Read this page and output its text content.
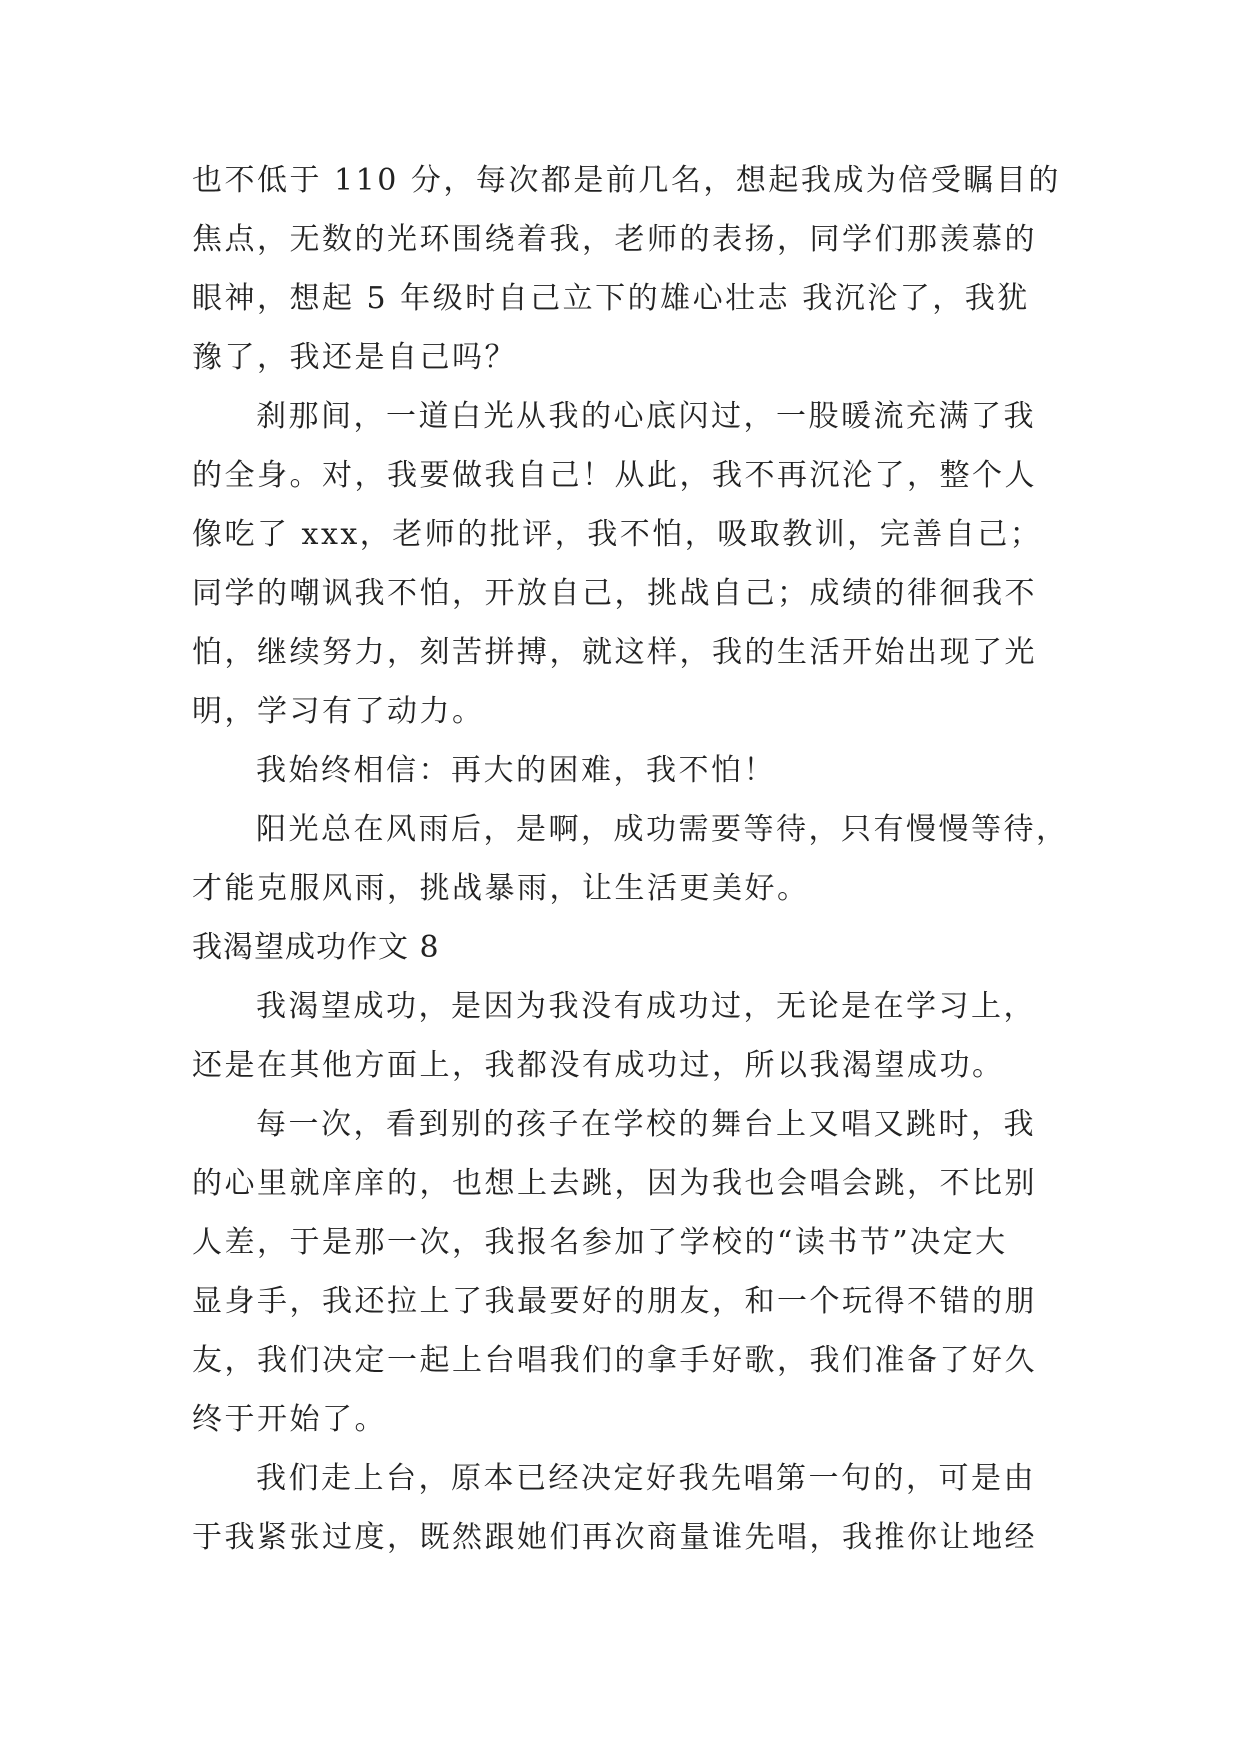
也不低于 110 分，每次都是前几名，想起我成为倍受瞩目的
焦点，无数的光环围绕着我，老师的表扬，同学们那羡慕的
眼神，想起 5 年级时自己立下的雄心壮志 我沉沦了，我犹
豫了，我还是自己吗？
刹那间，一道白光从我的心底闪过，一股暖流充满了我
的全身。对，我要做我自己！从此，我不再沉沦了，整个人
像吃了 xxx，老师的批评，我不怕，吸取教训，完善自己；
同学的嘲讽我不怕，开放自己，挑战自己；成绩的徘徊我不
怕，继续努力，刻苦拼搏，就这样，我的生活开始出现了光
明，学习有了动力。
我始终相信：再大的困难，我不怕！
阳光总在风雨后，是啊，成功需要等待，只有慢慢等待，
才能克服风雨，挑战暴雨，让生活更美好。
我渴望成功作文 8
我渴望成功，是因为我没有成功过，无论是在学习上，
还是在其他方面上，我都没有成功过，所以我渴望成功。
每一次，看到别的孩子在学校的舞台上又唱又跳时，我
的心里就庠庠的，也想上去跳，因为我也会唱会跳，不比别
人差，于是那一次，我报名参加了学校的“读书节”决定大
显身手，我还拉上了我最要好的朋友，和一个玩得不错的朋
友，我们决定一起上台唱我们的拿手好歌，我们准备了好久
终于开始了。
我们走上台，原本已经决定好我先唱第一句的，可是由
于我紧张过度，既然跟她们再次商量谁先唱，我推你让地经
